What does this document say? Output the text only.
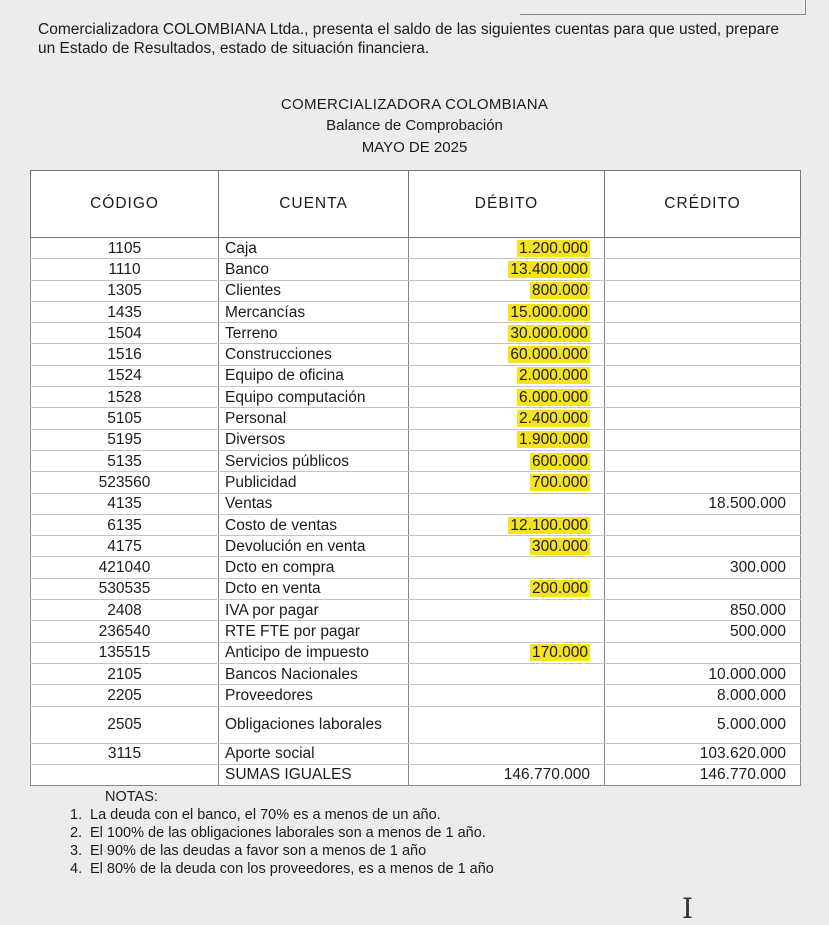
Comercializadora COLOMBIANA Ltda., presenta el saldo de las siguientes cuentas para que usted, prepare un Estado de Resultados, estado de situación financiera.
COMERCIALIZADORA COLOMBIANA
Balance de Comprobación
MAYO DE 2025
CÓDIGO	CUENTA	DÉBITO	CRÉDITO
1105	Caja	1.200.000	
1110	Banco	13.400.000	
1305	Clientes	800.000	
1435	Mercancías	15.000.000	
1504	Terreno	30.000.000	
1516	Construcciones	60.000.000	
1524	Equipo de oficina	2.000.000	
1528	Equipo computación	6.000.000	
5105	Personal	2.400.000	
5195	Diversos	1.900.000	
5135	Servicios públicos	600.000	
523560	Publicidad	700.000	
4135	Ventas		18.500.000
6135	Costo de ventas	12.100.000	
4175	Devolución en venta	300.000	
421040	Dcto en compra		300.000
530535	Dcto en venta	200.000	
2408	IVA por pagar		850.000
236540	RTE FTE por pagar		500.000
135515	Anticipo de impuesto	170.000	
2105	Bancos Nacionales		10.000.000
2205	Proveedores		8.000.000
2505	Obligaciones laborales		5.000.000
3115	Aporte social		103.620.000
	SUMAS IGUALES	146.770.000	146.770.000
NOTAS:
1. La deuda con el banco, el 70% es a menos de un año.
2. El 100% de las obligaciones laborales son a menos de 1 año.
3. El 90% de las deudas a favor son a menos de 1 año
4. El 80% de la deuda con los proveedores, es a menos de 1 año
I
